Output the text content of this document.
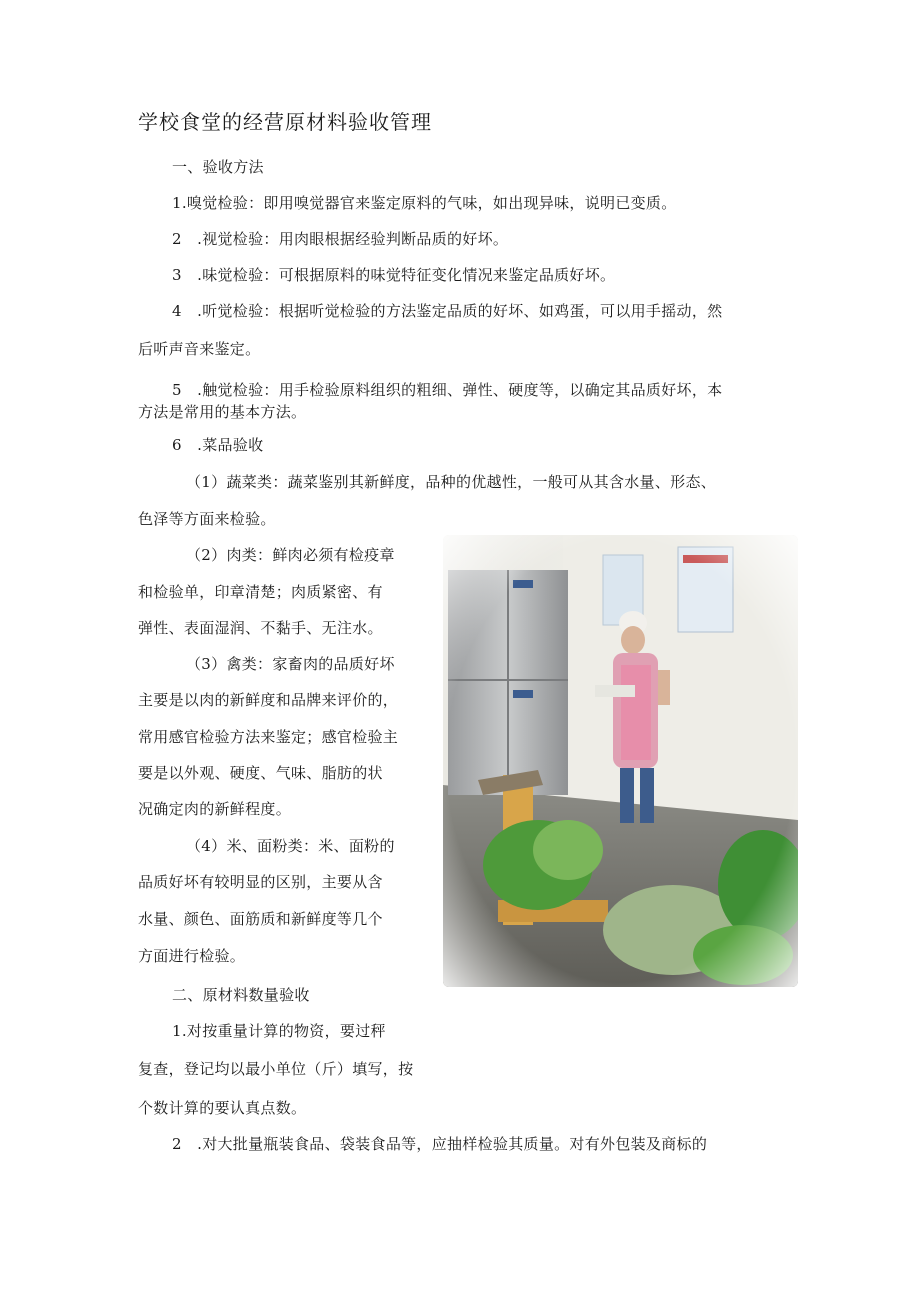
学校食堂的经营原材料验收管理

一、验收方法

1.嗅觉检验：即用嗅觉器官来鉴定原料的气味，如出现异味，说明已变质。

2　.视觉检验：用肉眼根据经验判断品质的好坏。

3　.味觉检验：可根据原料的味觉特征变化情况来鉴定品质好坏。

4　.听觉检验：根据听觉检验的方法鉴定品质的好坏、如鸡蛋，可以用手摇动，然

后听声音来鉴定。

5　.触觉检验：用手检验原料组织的粗细、弹性、硬度等，以确定其品质好坏，本

方法是常用的基本方法。

6　.菜品验收

（1）蔬菜类：蔬菜鉴别其新鲜度，品种的优越性，一般可从其含水量、形态、

色泽等方面来检验。

（2）肉类：鲜肉必须有检疫章

和检验单，印章清楚；肉质紧密、有

弹性、表面湿润、不黏手、无注水。

（3）禽类：家畜肉的品质好坏

主要是以肉的新鲜度和品牌来评价的，

常用感官检验方法来鉴定；感官检验主

要是以外观、硬度、气味、脂肪的状

况确定肉的新鲜程度。

（4）米、面粉类：米、面粉的

品质好坏有较明显的区别，主要从含

水量、颜色、面筋质和新鲜度等几个

方面进行检验。

二、原材料数量验收

1.对按重量计算的物资，要过秤

复查，登记均以最小单位（斤）填写，按

个数计算的要认真点数。

2　.对大批量瓶装食品、袋装食品等，应抽样检验其质量。对有外包装及商标的
